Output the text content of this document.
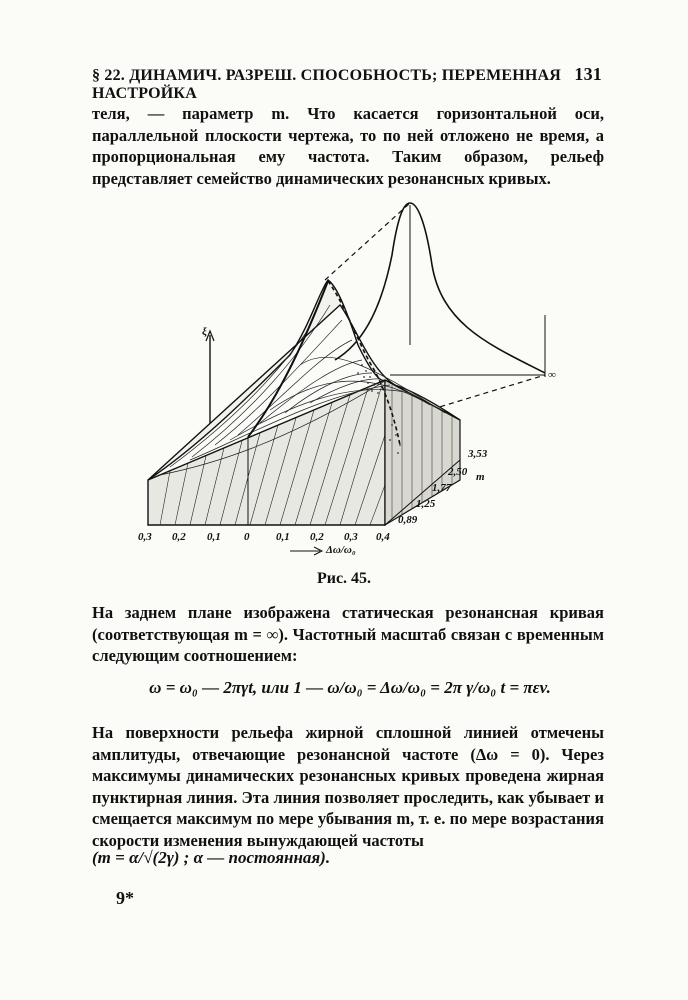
§ 22. ДИНАМИЧ. РАЗРЕШ. СПОСОБНОСТЬ; ПЕРЕМЕННАЯ НАСТРОЙКА
131
теля, — параметр m. Что касается горизонтальной оси, параллельной плоскости чертежа, то по ней отложено не время, а пропорциональная ему частота. Таким образом, рельеф представляет семейство динамических резонансных кривых.
ξ
3,53
2,50
1,77
1,25
0,89
m
∞
0,3 0,2 0,1 0 0,1 0,2 0,3 0,4
Δω/ω₀
Рис. 45.
На заднем плане изображена статическая резонансная кривая (соответствующая m = ∞). Частотный масштаб связан с временным следующим соотношением:
ω = ω₀ — 2πγt, или 1 — ω/ω₀ = Δω/ω₀ = 2π γ/ω₀ t = πεv.
На поверхности рельефа жирной сплошной линией отмечены амплитуды, отвечающие резонансной частоте (Δω = 0). Через максимумы динамических резонансных кривых проведена жирная пунктирная линия. Эта линия позволяет проследить, как убывает и смещается максимум по мере убывания m, т. е. по мере возрастания скорости изменения вынуждающей частоты
(m = α/√(2γ) ; α — постоянная).
9*
